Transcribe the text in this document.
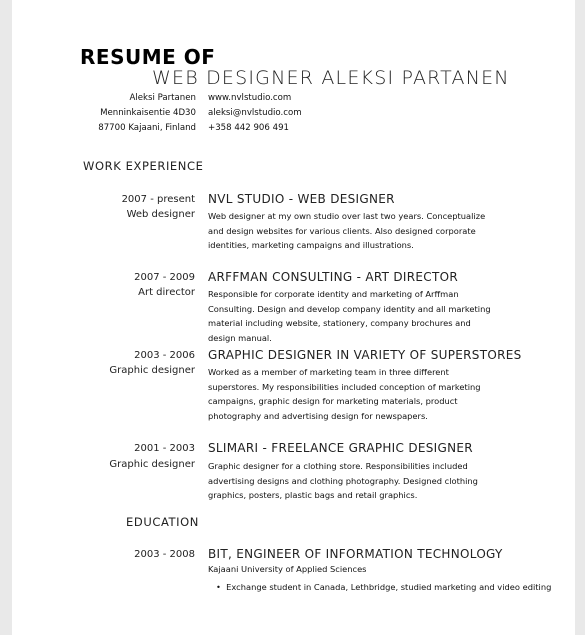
RESUME OF
WEB DESIGNER ALEKSI PARTANEN
Aleksi Partanen
Menninkaisentie 4D30
87700 Kajaani, Finland
www.nvlstudio.com
aleksi@nvlstudio.com
+358 442 906 491
WORK EXPERIENCE
2007 - present
Web designer
NVL STUDIO - WEB DESIGNER
Web designer at my own studio over last two years. Conceptualize and design websites for various clients. Also designed corporate identities, marketing campaigns and illustrations.
2007 - 2009
Art director
ARFFMAN CONSULTING - ART DIRECTOR
Responsible for corporate identity and marketing of Arffman Consulting. Design and develop company identity and all marketing material including website, stationery, company brochures and design manual.
2003 - 2006
Graphic designer
GRAPHIC DESIGNER IN VARIETY OF SUPERSTORES
Worked as a member of marketing team in three different superstores. My responsibilities included conception of marketing campaigns, graphic design for marketing materials, product photography and advertising design for newspapers.
2001 - 2003
Graphic designer
SLIMARI - FREELANCE GRAPHIC DESIGNER
Graphic designer for a clothing store. Responsibilities included advertising designs and clothing photography. Designed clothing graphics, posters, plastic bags and retail graphics.
EDUCATION
2003 - 2008 BIT, ENGINEER OF INFORMATION TECHNOLOGY
Kajaani University of Applied Sciences
•  Exchange student in Canada, Lethbridge, studied marketing and video editing
